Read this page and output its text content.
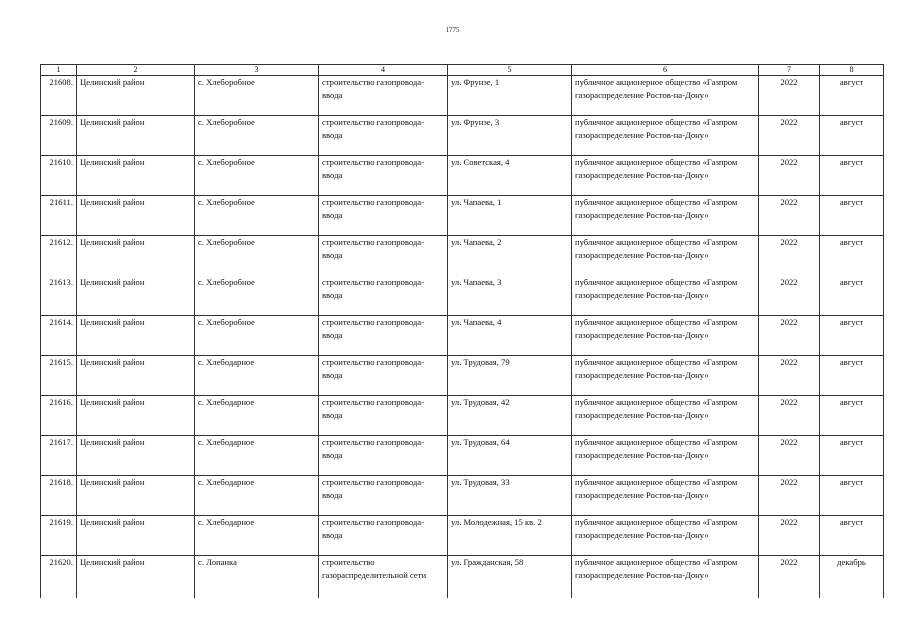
1775
1	2	3	4	5	6	7	8
21608.	Целинский район	с. Хлеборобное	строительство газопровода-ввода	ул. Фрунзе, 1	публичное акционерное общество «Газпром газораспределение Ростов-на-Дону»	2022	август
21609.	Целинский район	с. Хлеборобное	строительство газопровода-ввода	ул. Фрунзе, 3	публичное акционерное общество «Газпром газораспределение Ростов-на-Дону»	2022	август
21610.	Целинский район	с. Хлеборобное	строительство газопровода-ввода	ул. Советская, 4	публичное акционерное общество «Газпром газораспределение Ростов-на-Дону»	2022	август
21611.	Целинский район	с. Хлеборобное	строительство газопровода-ввода	ул. Чапаева, 1	публичное акционерное общество «Газпром газораспределение Ростов-на-Дону»	2022	август
21612.	Целинский район	с. Хлеборобное	строительство газопровода-ввода	ул. Чапаева, 2	публичное акционерное общество «Газпром газораспределение Ростов-на-Дону»	2022	август
21613.	Целинский район	с. Хлеборобное	строительство газопровода-ввода	ул. Чапаева, 3	публичное акционерное общество «Газпром газораспределение Ростов-на-Дону»	2022	август
21614.	Целинский район	с. Хлеборобное	строительство газопровода-ввода	ул. Чапаева, 4	публичное акционерное общество «Газпром газораспределение Ростов-на-Дону»	2022	август
21615.	Целинский район	с. Хлебодарное	строительство газопровода-ввода	ул. Трудовая, 79	публичное акционерное общество «Газпром газораспределение Ростов-на-Дону»	2022	август
21616.	Целинский район	с. Хлебодарное	строительство газопровода-ввода	ул. Трудовая, 42	публичное акционерное общество «Газпром газораспределение Ростов-на-Дону»	2022	август
21617.	Целинский район	с. Хлебодарное	строительство газопровода-ввода	ул. Трудовая, 64	публичное акционерное общество «Газпром газораспределение Ростов-на-Дону»	2022	август
21618.	Целинский район	с. Хлебодарное	строительство газопровода-ввода	ул. Трудовая, 33	публичное акционерное общество «Газпром газораспределение Ростов-на-Дону»	2022	август
21619.	Целинский район	с. Хлебодарное	строительство газопровода-ввода	ул. Молодежная, 15 кв. 2	публичное акционерное общество «Газпром газораспределение Ростов-на-Дону»	2022	август
21620.	Целинский район	с. Лопанка	строительство газораспределительной сети	ул. Гражданская, 58	публичное акционерное общество «Газпром газораспределение Ростов-на-Дону»	2022	декабрь
